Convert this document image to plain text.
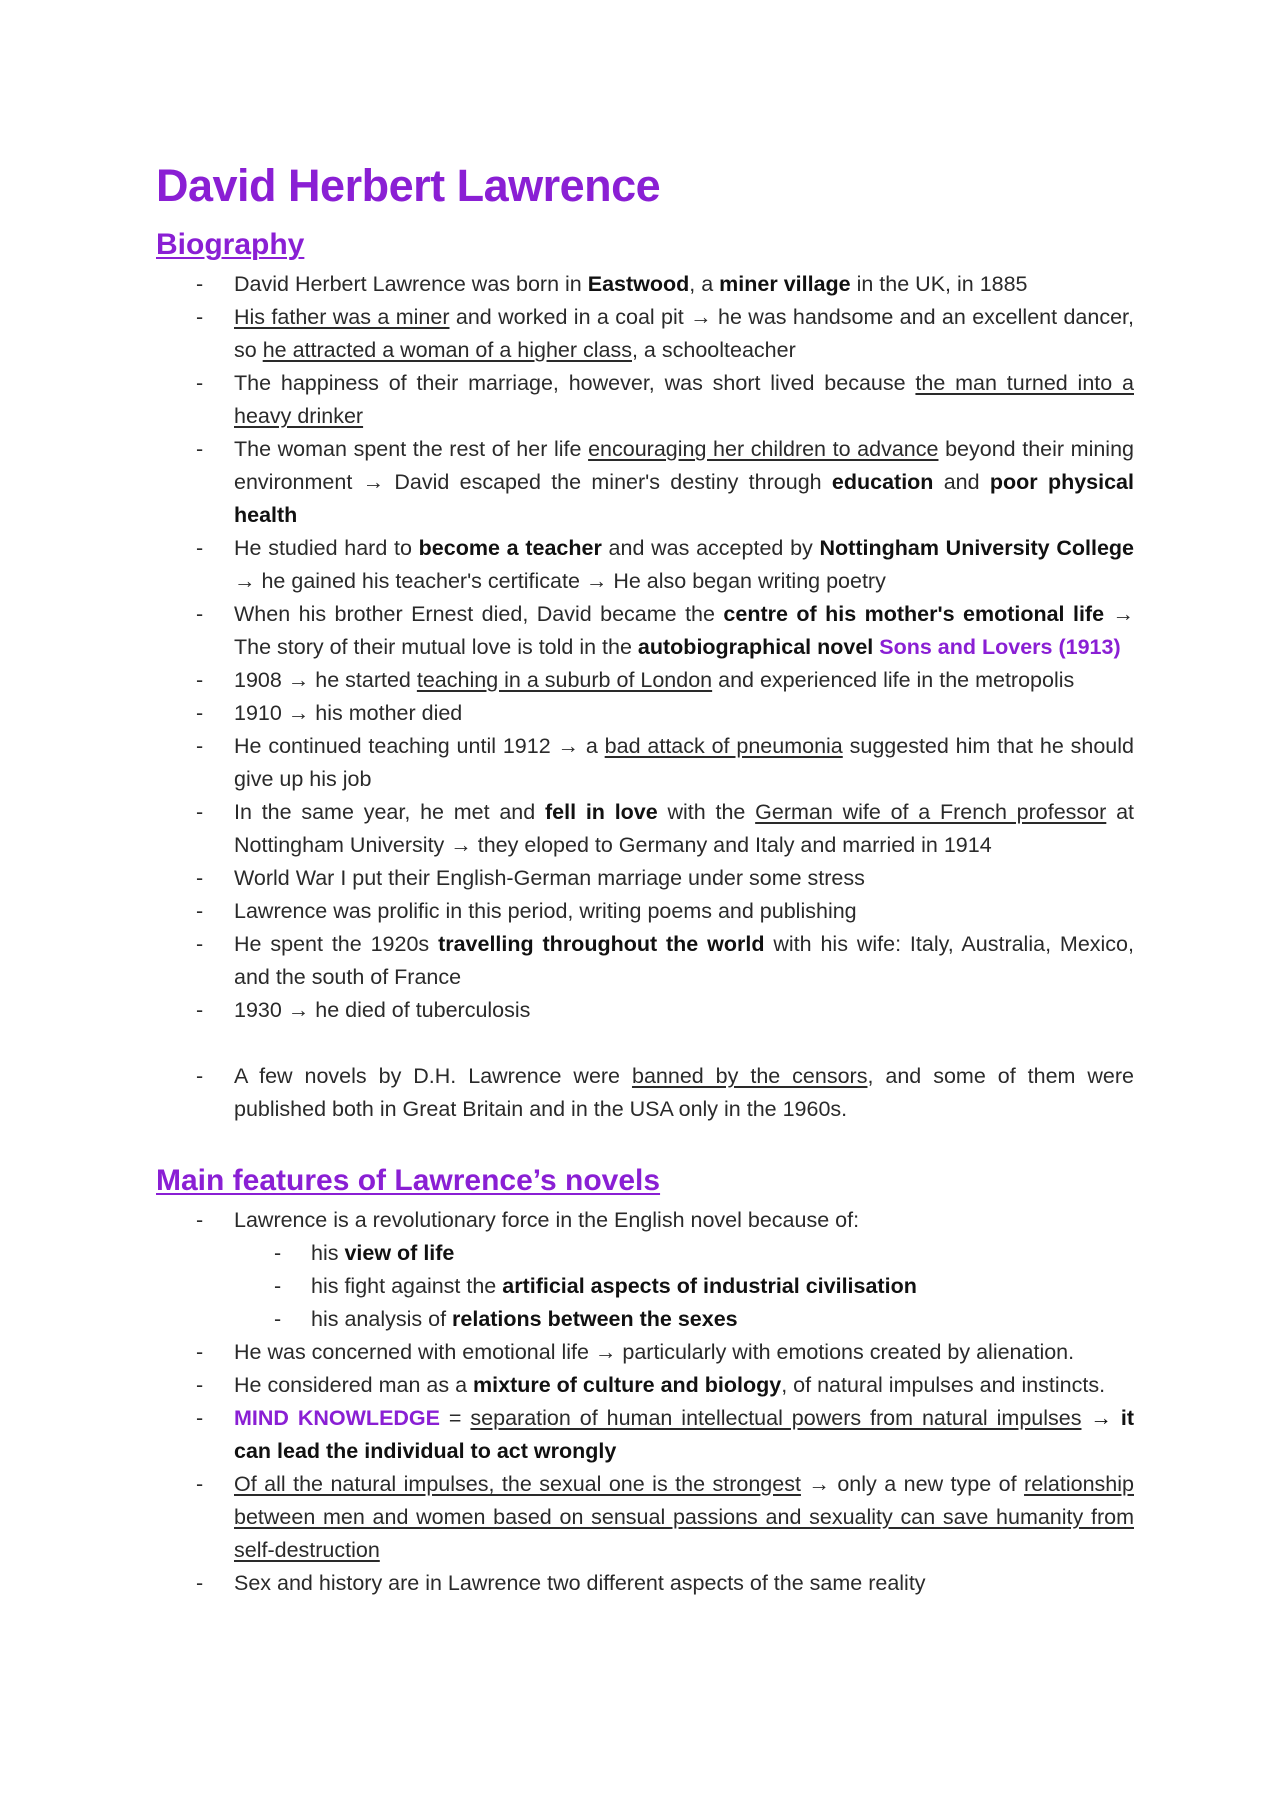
David Herbert Lawrence
Biography
- David Herbert Lawrence was born in Eastwood, a miner village in the UK, in 1885
- His father was a miner and worked in a coal pit → he was handsome and an excellent dancer, so he attracted a woman of a higher class, a schoolteacher
- The happiness of their marriage, however, was short lived because the man turned into a heavy drinker
- The woman spent the rest of her life encouraging her children to advance beyond their mining environment → David escaped the miner's destiny through education and poor physical health
- He studied hard to become a teacher and was accepted by Nottingham University College → he gained his teacher's certificate → He also began writing poetry
- When his brother Ernest died, David became the centre of his mother's emotional life → The story of their mutual love is told in the autobiographical novel Sons and Lovers (1913)
- 1908 → he started teaching in a suburb of London and experienced life in the metropolis
- 1910 → his mother died
- He continued teaching until 1912 → a bad attack of pneumonia suggested him that he should give up his job
- In the same year, he met and fell in love with the German wife of a French professor at Nottingham University → they eloped to Germany and Italy and married in 1914
- World War I put their English-German marriage under some stress
- Lawrence was prolific in this period, writing poems and publishing
- He spent the 1920s travelling throughout the world with his wife: Italy, Australia, Mexico, and the south of France
- 1930 → he died of tuberculosis
- A few novels by D.H. Lawrence were banned by the censors, and some of them were published both in Great Britain and in the USA only in the 1960s.
Main features of Lawrence’s novels
- Lawrence is a revolutionary force in the English novel because of:
- his view of life
- his fight against the artificial aspects of industrial civilisation
- his analysis of relations between the sexes
- He was concerned with emotional life → particularly with emotions created by alienation.
- He considered man as a mixture of culture and biology, of natural impulses and instincts.
- MIND KNOWLEDGE = separation of human intellectual powers from natural impulses → it can lead the individual to act wrongly
- Of all the natural impulses, the sexual one is the strongest → only a new type of relationship between men and women based on sensual passions and sexuality can save humanity from self-destruction
- Sex and history are in Lawrence two different aspects of the same reality
